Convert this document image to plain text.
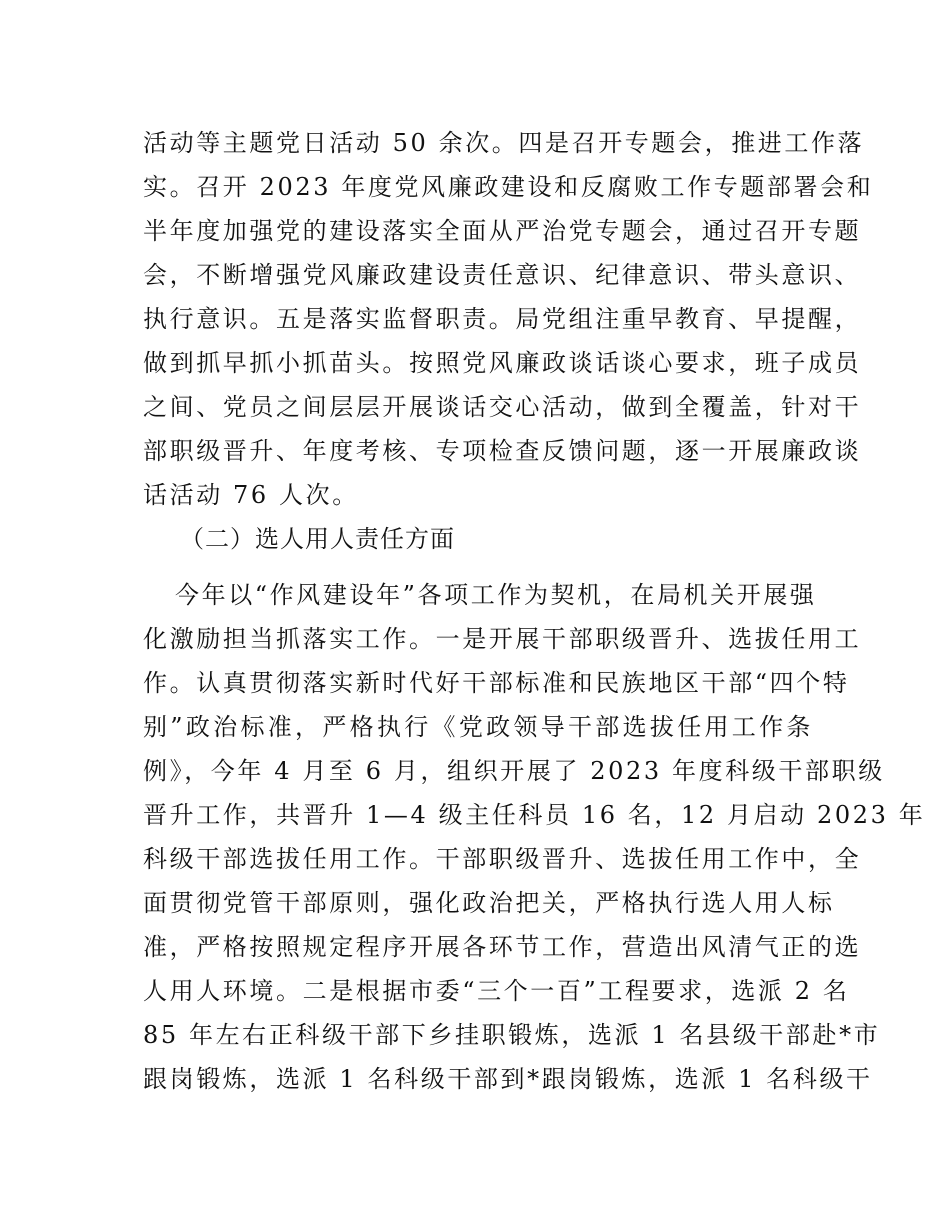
活动等主题党日活动 50 余次。四是召开专题会，推进工作落
实。召开 2023 年度党风廉政建设和反腐败工作专题部署会和
半年度加强党的建设落实全面从严治党专题会，通过召开专题
会，不断增强党风廉政建设责任意识、纪律意识、带头意识、
执行意识。五是落实监督职责。局党组注重早教育、早提醒，
做到抓早抓小抓苗头。按照党风廉政谈话谈心要求，班子成员
之间、党员之间层层开展谈话交心活动，做到全覆盖，针对干
部职级晋升、年度考核、专项检查反馈问题，逐一开展廉政谈
话活动 76 人次。
（二）选人用人责任方面
今年以“作风建设年”各项工作为契机，在局机关开展强
化激励担当抓落实工作。一是开展干部职级晋升、选拔任用工
作。认真贯彻落实新时代好干部标准和民族地区干部“四个特
别”政治标准，严格执行《党政领导干部选拔任用工作条
例》，今年 4 月至 6 月，组织开展了 2023 年度科级干部职级
晋升工作，共晋升 1—4 级主任科员 16 名，12 月启动 2023 年
科级干部选拔任用工作。干部职级晋升、选拔任用工作中，全
面贯彻党管干部原则，强化政治把关，严格执行选人用人标
准，严格按照规定程序开展各环节工作，营造出风清气正的选
人用人环境。二是根据市委“三个一百”工程要求，选派 2 名
85 年左右正科级干部下乡挂职锻炼，选派 1 名县级干部赴*市
跟岗锻炼，选派 1 名科级干部到*跟岗锻炼，选派 1 名科级干
